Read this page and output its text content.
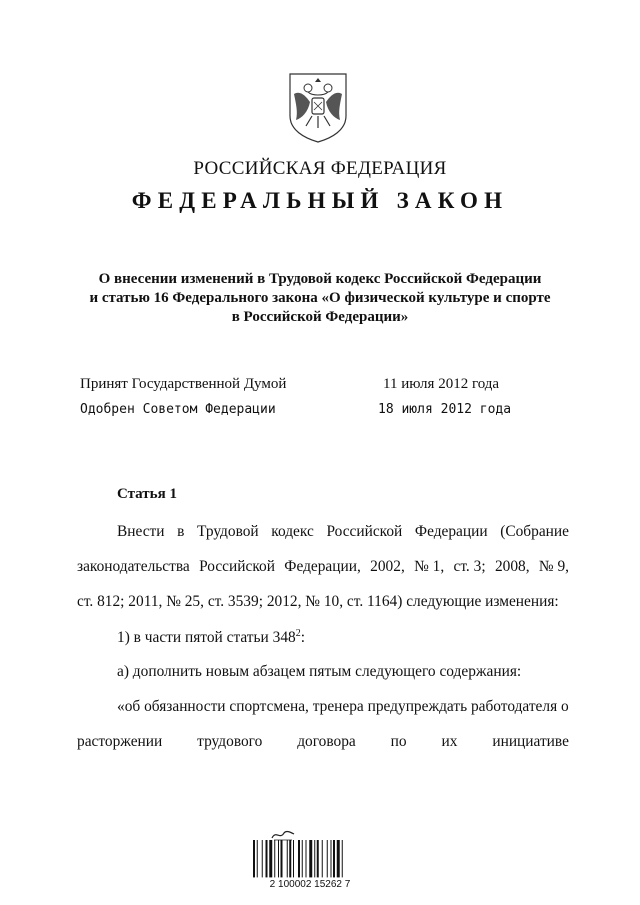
РОССИЙСКАЯ ФЕДЕРАЦИЯ
ФЕДЕРАЛЬНЫЙ ЗАКОН
О внесении изменений в Трудовой кодекс Российской Федерации
и статью 16 Федерального закона «О физической культуре и спорте
в Российской Федерации»
Принят Государственной Думой	11 июля 2012 года
Одобрен Советом Федерации	18 июля 2012 года
Статья 1
Внести в Трудовой кодекс Российской Федерации (Собрание
законодательства Российской Федерации, 2002, № 1, ст. 3; 2008, № 9,
ст. 812; 2011, № 25, ст. 3539; 2012, № 10, ст. 1164) следующие изменения:
1) в части пятой статьи $348^2$:
а) дополнить новым абзацем пятым следующего содержания:
«об обязанности спортсмена, тренера предупреждать работодателя о
расторжении трудового договора по их инициативе
2 100002 15262 7
